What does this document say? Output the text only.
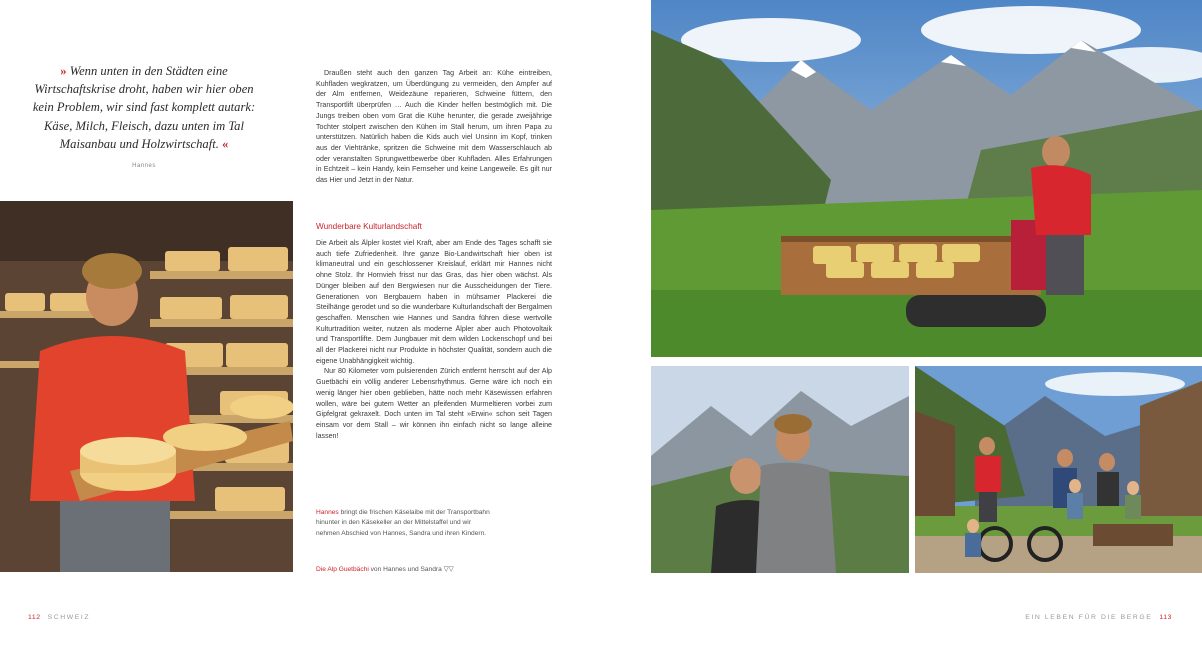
» Wenn unten in den Städten eine Wirtschaftskrise droht, haben wir hier oben kein Problem, wir sind fast komplett autark: Käse, Milch, Fleisch, dazu unten im Tal Maisanbau und Holzwirtschaft. «

Hannes

Draußen steht auch den ganzen Tag Arbeit an: Kühe eintreiben, Kuhfladen wegkratzen, um Überdüngung zu vermeiden, den Ampfer auf der Alm entfernen, Weidezäune reparieren, Schweine füttern, den Transportlift überprüfen … Auch die Kinder helfen bestmöglich mit. Die Jungs treiben oben vom Grat die Kühe herunter, die gerade zweijährige Tochter stolpert zwischen den Kühen im Stall herum, um ihren Papa zu unterstützen. Natürlich haben die Kids auch viel Unsinn im Kopf, trinken aus der Viehtränke, spritzen die Schweine mit dem Wasserschlauch ab oder veranstalten Sprungwettbewerbe über Kuhfladen. Alles Erfahrungen in Echtzeit – kein Handy, kein Fernseher und keine Langeweile. Es gilt nur das Hier und Jetzt in der Natur.

Wunderbare Kulturlandschaft

Die Arbeit als Älpler kostet viel Kraft, aber am Ende des Tages schafft sie auch tiefe Zufriedenheit. Ihre ganze Bio-Landwirtschaft hier oben ist klimaneutral und ein geschlossener Kreislauf, erklärt mir Hannes nicht ohne Stolz. Ihr Hornvieh frisst nur das Gras, das hier oben wächst. Als Dünger bleiben auf den Bergwiesen nur die Ausscheidungen der Tiere. Generationen von Bergbauern haben in mühsamer Plackerei die Steilhänge gerodet und so die wunderbare Kulturlandschaft der Bergalmen geschaffen. Menschen wie Hannes und Sandra führen diese wertvolle Kulturtradition weiter, nutzen als moderne Älpler aber auch Photovoltaik und Transportlifte. Dem Jungbauer mit dem wilden Lockenschopf und bei all der Plackerei nicht nur Produkte in höchster Qualität, sondern auch die eigene Unabhängigkeit wichtig.

Nur 80 Kilometer vom pulsierenden Zürich entfernt herrscht auf der Alp Guetbächi ein völlig anderer Lebensrhythmus. Gerne wäre ich noch ein wenig länger hier oben geblieben, hätte noch mehr Käsewissen erfahren wollen, wäre bei gutem Wetter an pfeifenden Murmeltieren vorbei zum Gipfelgrat gekraxelt. Doch unten im Tal steht »Erwin« schon seit Tagen einsam vor dem Stall – wir können ihn einfach nicht so lange alleine lassen!

Hannes bringt die frischen Käselaibe mit der Transportbahn hinunter in den Käsekeller an der Mittelstaffel und wir nehmen Abschied von Hannes, Sandra und ihren Kindern.

Die Alp Guetbächi von Hannes und Sandra ▽▽

112 SCHWEIZ	EIN LEBEN FÜR DIE BERGE 113
